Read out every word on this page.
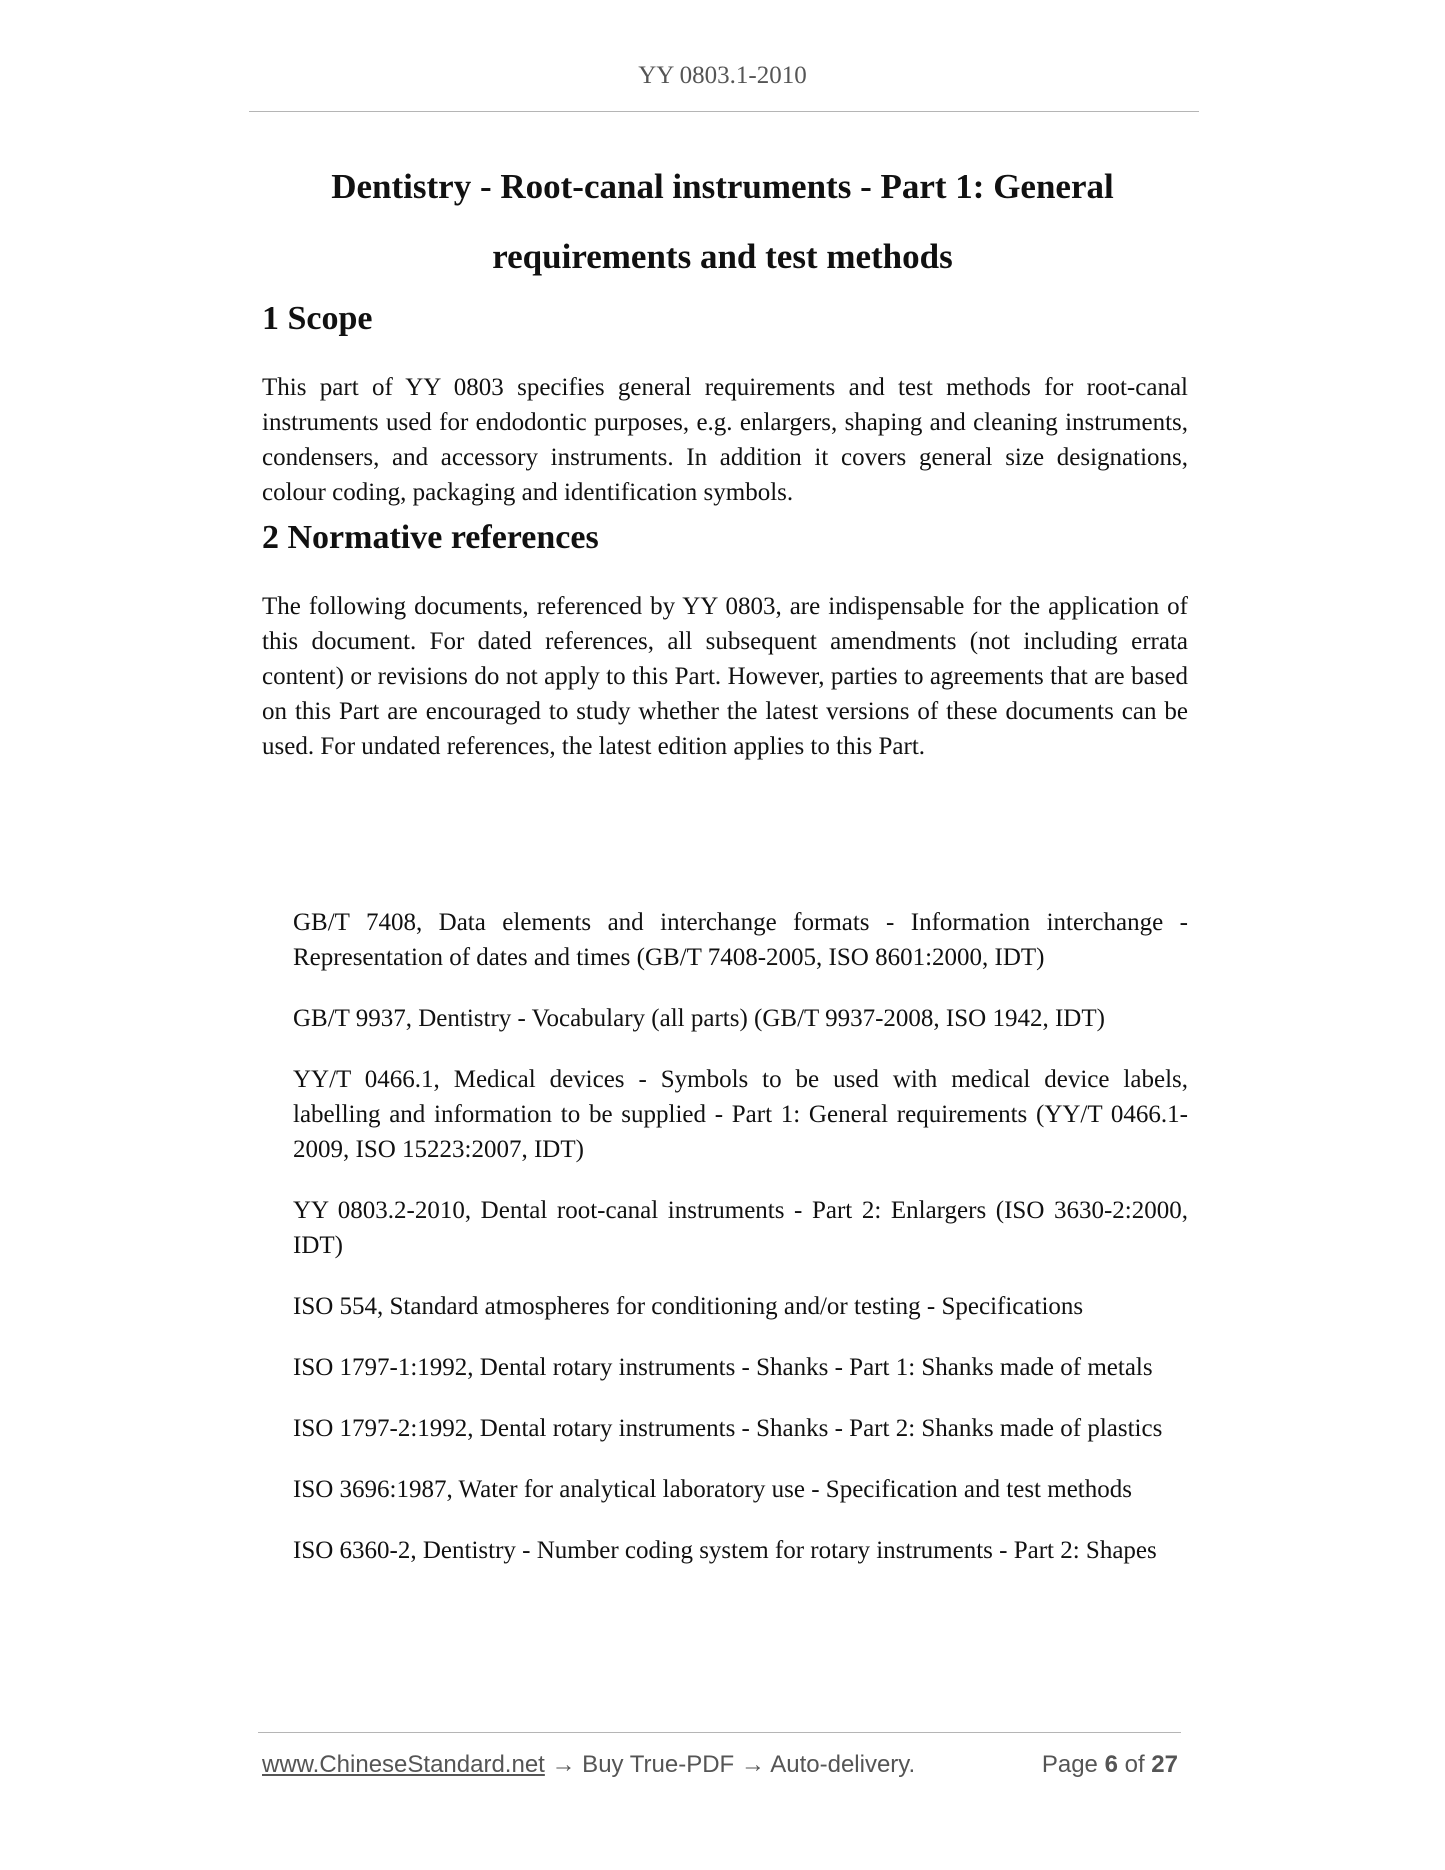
YY 0803.1-2010
Dentistry - Root-canal instruments - Part 1: General
requirements and test methods
1 Scope

This part of YY 0803 specifies general requirements and test methods for root-canal instruments used for endodontic purposes, e.g. enlargers, shaping and cleaning instruments, condensers, and accessory instruments. In addition it covers general size designations, colour coding, packaging and identification symbols.

2 Normative references

The following documents, referenced by YY 0803, are indispensable for the application of this document. For dated references, all subsequent amendments (not including errata content) or revisions do not apply to this Part. However, parties to agreements that are based on this Part are encouraged to study whether the latest versions of these documents can be used. For undated references, the latest edition applies to this Part.

GB/T 7408, Data elements and interchange formats - Information interchange - Representation of dates and times (GB/T 7408-2005, ISO 8601:2000, IDT)

GB/T 9937, Dentistry - Vocabulary (all parts) (GB/T 9937-2008, ISO 1942, IDT)

YY/T 0466.1, Medical devices - Symbols to be used with medical device labels, labelling and information to be supplied - Part 1: General requirements (YY/T 0466.1-2009, ISO 15223:2007, IDT)

YY 0803.2-2010, Dental root-canal instruments - Part 2: Enlargers (ISO 3630-2:2000, IDT)

ISO 554, Standard atmospheres for conditioning and/or testing - Specifications

ISO 1797-1:1992, Dental rotary instruments - Shanks - Part 1: Shanks made of metals

ISO 1797-2:1992, Dental rotary instruments - Shanks - Part 2: Shanks made of plastics

ISO 3696:1987, Water for analytical laboratory use - Specification and test methods

ISO 6360-2, Dentistry - Number coding system for rotary instruments - Part 2: Shapes

www.ChineseStandard.net → Buy True-PDF → Auto-delivery.	Page 6 of 27
